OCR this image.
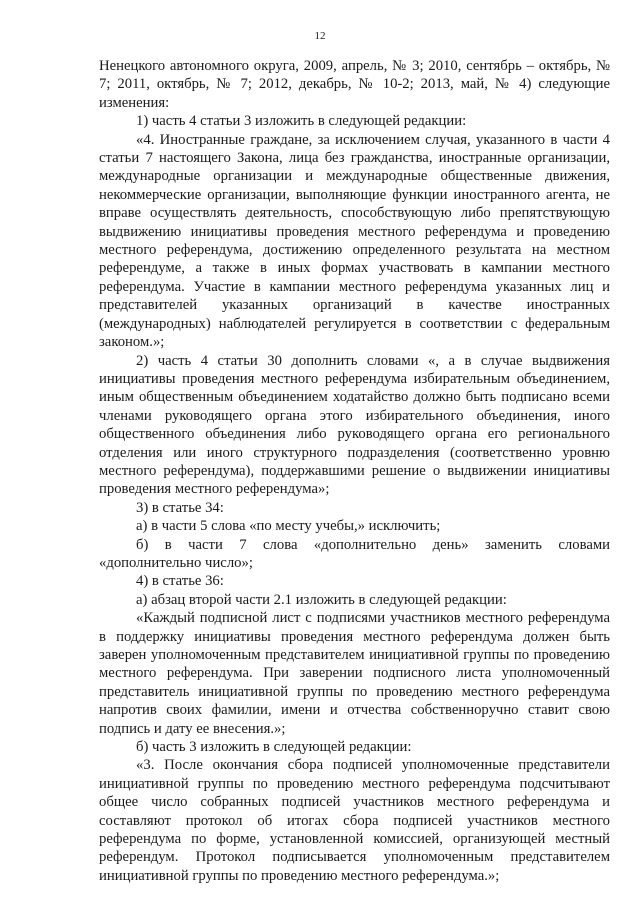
12

Ненецкого автономного округа, 2009, апрель, № 3; 2010, сентябрь – октябрь, № 7; 2011, октябрь, № 7; 2012, декабрь, № 10-2; 2013, май, № 4) следующие изменения:

1) часть 4 статьи 3 изложить в следующей редакции:

«4. Иностранные граждане, за исключением случая, указанного в части 4 статьи 7 настоящего Закона, лица без гражданства, иностранные организации, международные организации и международные общественные движения, некоммерческие организации, выполняющие функции иностранного агента, не вправе осуществлять деятельность, способствующую либо препятствующую выдвижению инициативы проведения местного референдума и проведению местного референдума, достижению определенного результата на местном референдуме, а также в иных формах участвовать в кампании местного референдума. Участие в кампании местного референдума указанных лиц и представителей указанных организаций в качестве иностранных (международных) наблюдателей регулируется в соответствии с федеральным законом.»;

2) часть 4 статьи 30 дополнить словами «, а в случае выдвижения инициативы проведения местного референдума избирательным объединением, иным общественным объединением ходатайство должно быть подписано всеми членами руководящего органа этого избирательного объединения, иного общественного объединения либо руководящего органа его регионального отделения или иного структурного подразделения (соответственно уровню местного референдума), поддержавшими решение о выдвижении инициативы проведения местного референдума»;

3) в статье 34:

а) в части 5 слова «по месту учебы,» исключить;

б) в части 7 слова «дополнительно день» заменить словами «дополнительно число»;

4) в статье 36:

а) абзац второй части 2.1 изложить в следующей редакции:

«Каждый подписной лист с подписями участников местного референдума в поддержку инициативы проведения местного референдума должен быть заверен уполномоченным представителем инициативной группы по проведению местного референдума. При заверении подписного листа уполномоченный представитель инициативной группы по проведению местного референдума напротив своих фамилии, имени и отчества собственноручно ставит свою подпись и дату ее внесения.»;

б) часть 3 изложить в следующей редакции:

«3. После окончания сбора подписей уполномоченные представители инициативной группы по проведению местного референдума подсчитывают общее число собранных подписей участников местного референдума и составляют протокол об итогах сбора подписей участников местного референдума по форме, установленной комиссией, организующей местный референдум. Протокол подписывается уполномоченным представителем инициативной группы по проведению местного референдума.»;
